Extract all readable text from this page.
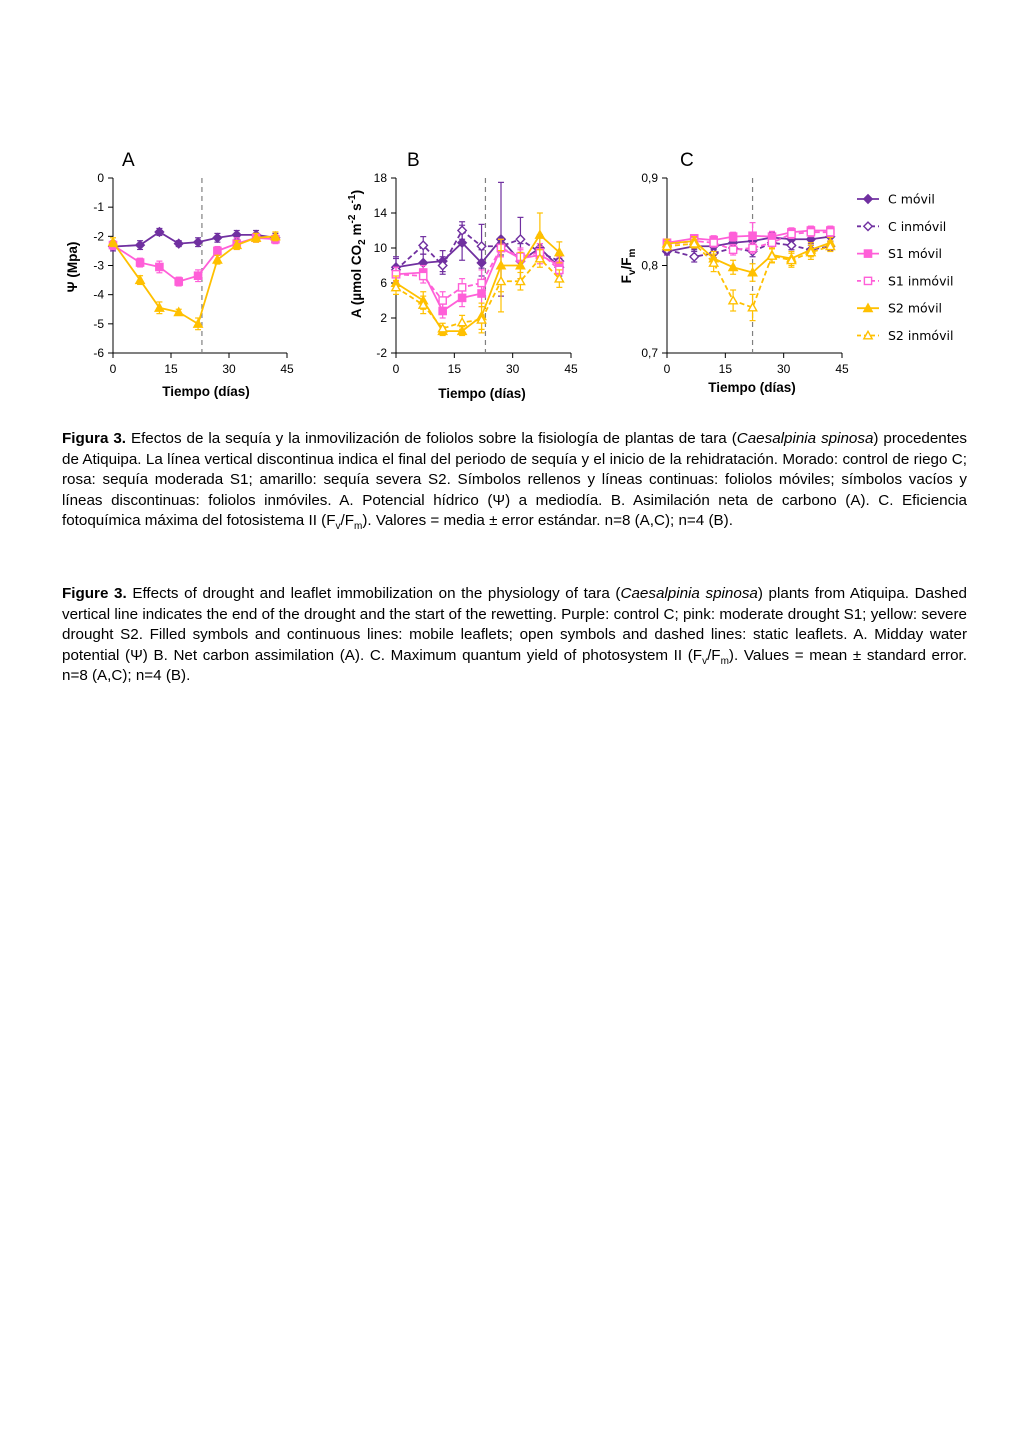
A
0
-1
-2
-3
-4
-5
-6
0	15	30	45
Tiempo (días)
Ψ (Mpa)
B
-2
2
6
10
14
18
0	15	30	45
Tiempo (días)
A (µmol $CO_2$ $m^{-2}$ $s^{-1}$)
C
0,7
0,8
0,9
0	15	30	45
Tiempo (días)
$F_v/F_m$
C móvil
C inmóvil
S1 móvil
S1 inmóvil
S2 móvil
S2 inmóvil
Figura 3. Efectos de la sequía y la inmovilización de foliolos sobre la fisiología de plantas de tara (Caesalpinia spinosa) procedentes de Atiquipa. La línea vertical discontinua indica el final del periodo de sequía y el inicio de la rehidratación. Morado: control de riego C; rosa: sequía moderada S1; amarillo: sequía severa S2. Símbolos rellenos y líneas continuas: foliolos móviles; símbolos vacíos y líneas discontinuas: foliolos inmóviles. A. Potencial hídrico (Ψ) a mediodía. B. Asimilación neta de carbono (A). C. Eficiencia fotoquímica máxima del fotosistema II $(F_v/F_m)$. Valores = media ± error estándar. n=8 (A,C); n=4 (B).
Figure 3. Effects of drought and leaflet immobilization on the physiology of tara (Caesalpinia spinosa) plants from Atiquipa. Dashed vertical line indicates the end of the drought and the start of the rewetting. Purple: control C; pink: moderate drought S1; yellow: severe drought S2. Filled symbols and continuous lines: mobile leaflets; open symbols and dashed lines: static leaflets. A. Midday water potential (Ψ) B. Net carbon assimilation (A). C. Maximum quantum yield of photosystem II $(F_v/F_m)$. Values = mean ± standard error. n=8 (A,C); n=4 (B).
